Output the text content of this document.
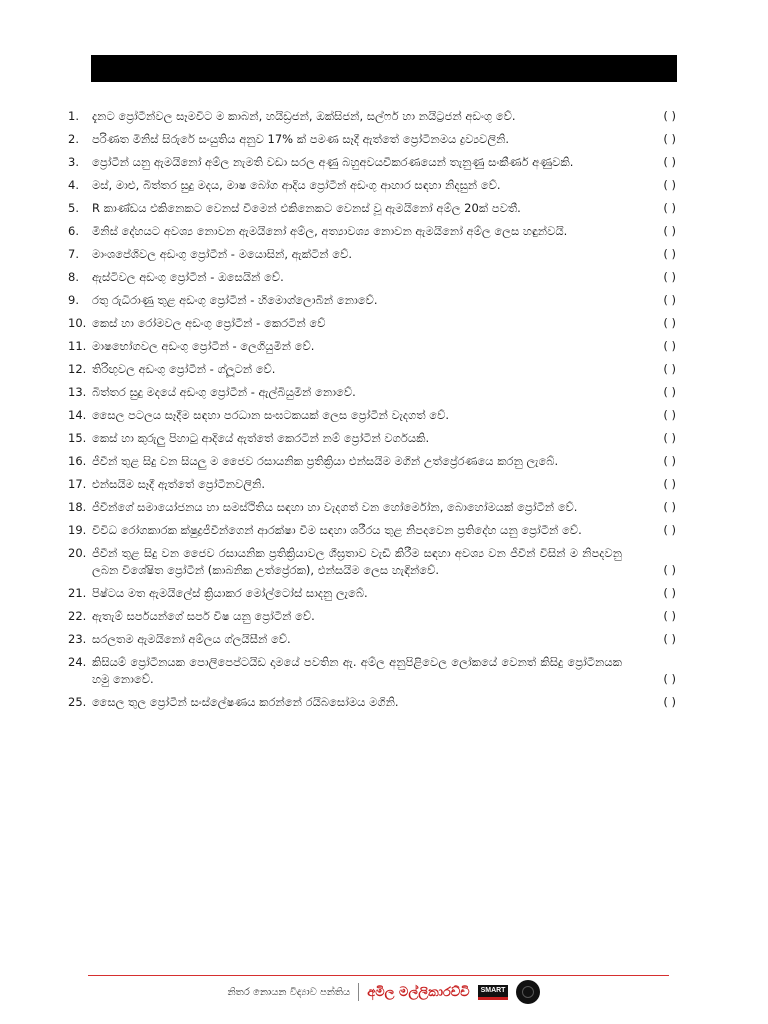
1.	දැනට ප්‍රෝටීන්වල සෑමවිට ම කාබන්, හයිඩ්‍රජන්, ඔක්සිජන්, සල්ෆර් හා නයිට්‍රජන් අඩංගු වේ.	( )
2.	පරිණත මිනිස් සිරුරේ සංයුතිය අනුව 17% ක් පමණ සෑදී ඇත්තේ ප්‍රෝටීනමය ද්‍රව්‍යවලිනි.	( )
3.	ප්‍රෝටීන් යනු ඇමයිනෝ අම්ල නැමති වඩා සරල අණු බහුඅවයවීකරණයෙන් තැනුණු සංකීර්ණ අණුවකි.	( )
4.	මස්, මාළු, බිත්තර සුදු මදය, මාෂ බෝග ආදිය ප්‍රෝටීන් අඩංගු ආහාර සඳහා නිදසුන් වේ.	( )
5.	R කාණ්ඩය එකිනෙකට වෙනස් වීමෙන් එකිනෙකට වෙනස් වූ ඇමයිනෝ අම්ල 20ක් පවතී.	( )
6.	මිනිස් දේහයට අවශ්‍ය නොවන ඇමයිනෝ අම්ල, අත්‍යාවශ්‍ය නොවන ඇමයිනෝ අම්ල ලෙස හඳුන්වයි.	( )
7.	මාංශපේශිවල අඩංගු ප්‍රෝටීන් - මයොසින්, ඇක්ටින් වේ.	( )
8.	ඇස්ටිවල අඩංගු ප්‍රෝටීන් - ඔසෙයින් වේ.	( )
9.	රතු රුධිරාණු තුළ අඩංගු ප්‍රෝටීන් - හිමොග්ලොබින් නොවේ.	( )
10. කෙස් හා රෝමවල අඩංගු ප්‍රෝටීන් - කෙරටින් වේ	( )
11. මාෂභෝගවල අඩංගු ප්‍රෝටීන් - ලෙගියුමින් වේ.	( )
12. තිරිඟුවල අඩංගු ප්‍රෝටීන් - ග්ලූටන් වේ.	( )
13. බිත්තර සුදු මදයේ අඩංගු ප්‍රෝටීන් - ඇල්බියුමින් නොවේ.	( )
14. සෛල පටලය සෑදීම සඳහා පරධාන සංඝටකයක් ලෙස ප්‍රෝටීන් වැදගත් වේ.	( )
15. කෙස් හා කුරුලු පිහාටු ආදියේ ඇත්තේ කෙරටින් නම් ප්‍රෝටීන් වර්ගයකි.	( )
16. ජීවීන් තුළ සිදු වන සියලු ම ජෛව රසායනික ප්‍රතික්‍රියා එන්සයිම මගින් උත්ප්‍රේරණයෙ කරනු ලැබේ.	( )
17. එන්සයිම සෑදී ඇත්තේ ප්‍රෝටීනවලිනි.	( )
18. ජීවීන්ගේ සමායෝජනය හා සමස්ථිතිය සඳහා හා වැදගත් වන හෝර්මෝන, බොහෝමයක් ප්‍රෝටීන් වේ.	( )
19. විවිධ රෝගකාරක ක්ෂුද්‍රජීවීන්ගෙන් ආරක්ෂා වීම සඳහා ශරීරය තුළ නිපදවෙන ප්‍රතිදේහ යනු ප්‍රෝටීන් වේ.	( )
20. ජීවීන් තුළ සිදු වන ජෛව රසායනික ප්‍රතික්‍රියාවල ශීඝ්‍රතාව වැඩි කිරීම සඳහා අවශ්‍ය වන ජීවීන් විසින් ම නිපදවනු ලබන විශේෂිත ප්‍රෝටීන් (කාබනික උත්ප්‍රේරක), එන්සයිම ලෙස හැඳින්වේ.	( )
21. පිෂ්ටය මත ඇමයිලේස් ක්‍රියාකර මෝල්ටෝස් සාදනු ලැබේ.	( )
22. ඇතැම් සර්පයන්ගේ සර්ප විෂ යනු ප්‍රෝටීන් වේ.	( )
23. සරලතම ඇමයිනෝ අම්ලය ග්ලයිසීන් වේ.	( )
24. කිසියම් ප්‍රෝටීනයක පොලිපෙප්ටයිඩ දාමයේ පවතින ඇ. අම්ල අනුපිළිවෙල ලෝකයේ වෙනත් කිසිදු ප්‍රෝටීනයක හමු නොවේ.	( )
25. සෛල තුල ප්‍රෝටීන් සංස්ලේෂණය කරන්නේ රයිබසෝමය මගිනි.	( )
නිතර නොයන විද්‍යාව පන්තිය අමිල මල්ලිකාරච්චි	SMART
